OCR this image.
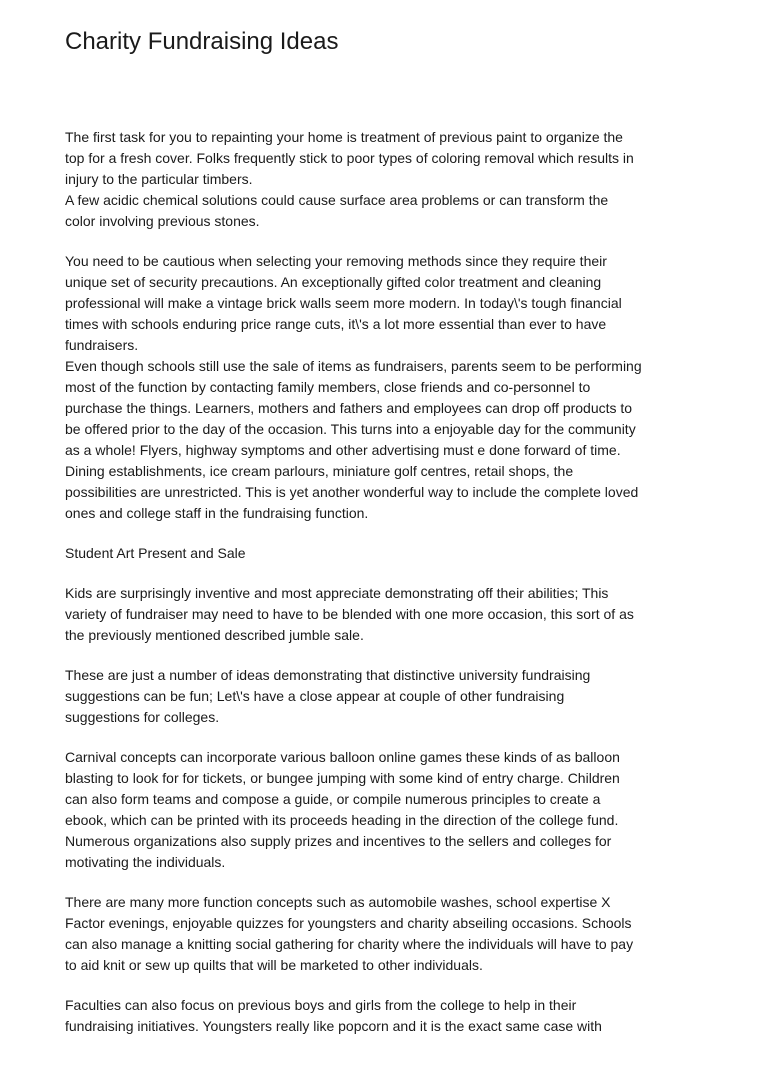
Charity Fundraising Ideas
The first task for you to repainting your home is treatment of previous paint to organize the
top for a fresh cover. Folks frequently stick to poor types of coloring removal which results in
injury to the particular timbers.
A few acidic chemical solutions could cause surface area problems or can transform the
color involving previous stones.
You need to be cautious when selecting your removing methods since they require their
unique set of security precautions. An exceptionally gifted color treatment and cleaning
professional will make a vintage brick walls seem more modern. In today\'s tough financial
times with schools enduring price range cuts, it\'s a lot more essential than ever to have
fundraisers.
Even though schools still use the sale of items as fundraisers, parents seem to be performing
most of the function by contacting family members, close friends and co-personnel to
purchase the things. Learners, mothers and fathers and employees can drop off products to
be offered prior to the day of the occasion. This turns into a enjoyable day for the community
as a whole! Flyers, highway symptoms and other advertising must e done forward of time.
Dining establishments, ice cream parlours, miniature golf centres, retail shops, the
possibilities are unrestricted. This is yet another wonderful way to include the complete loved
ones and college staff in the fundraising function.
Student Art Present and Sale
Kids are surprisingly inventive and most appreciate demonstrating off their abilities; This
variety of fundraiser may need to have to be blended with one more occasion, this sort of as
the previously mentioned described jumble sale.
These are just a number of ideas demonstrating that distinctive university fundraising
suggestions can be fun; Let\'s have a close appear at couple of other fundraising
suggestions for colleges.
Carnival concepts can incorporate various balloon online games these kinds of as balloon
blasting to look for for tickets, or bungee jumping with some kind of entry charge. Children
can also form teams and compose a guide, or compile numerous principles to create a
ebook, which can be printed with its proceeds heading in the direction of the college fund.
Numerous organizations also supply prizes and incentives to the sellers and colleges for
motivating the individuals.
There are many more function concepts such as automobile washes, school expertise X
Factor evenings, enjoyable quizzes for youngsters and charity abseiling occasions. Schools
can also manage a knitting social gathering for charity where the individuals will have to pay
to aid knit or sew up quilts that will be marketed to other individuals.
Faculties can also focus on previous boys and girls from the college to help in their
fundraising initiatives. Youngsters really like popcorn and it is the exact same case with
